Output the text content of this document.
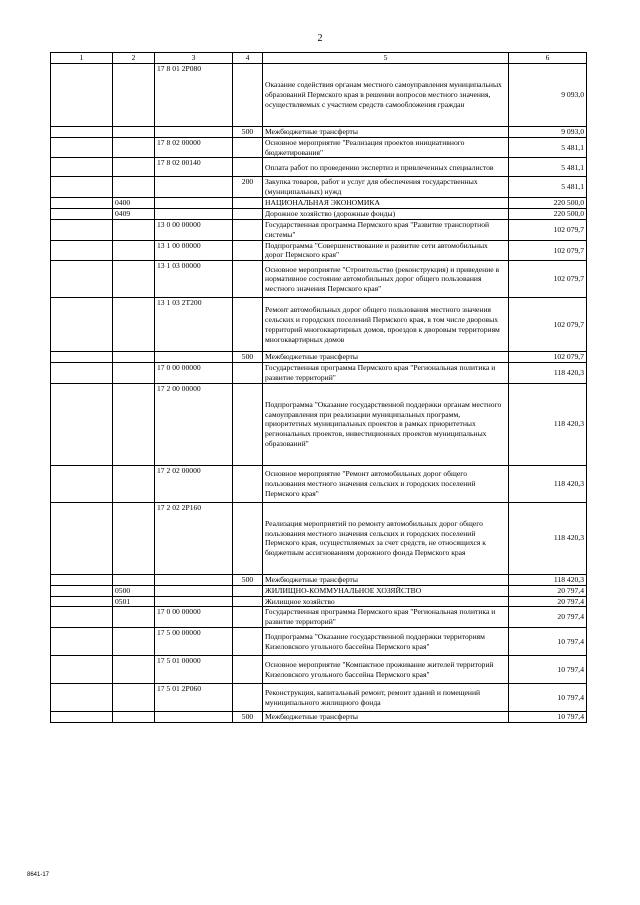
2
1	2	3	4	5	6
		17 8 01 2Р080		Оказание содействия органам местного самоуправления муниципальных образований Пермского края в решении вопросов местного значения, осуществляемых с участием средств самообложения граждан	9 093,0
			500	Межбюджетные трансферты	9 093,0
		17 8 02 00000		Основное мероприятие "Реализация проектов инициативного бюджетирования"	5 481,1
		17 8 02 00140		Оплата работ по проведению экспертиз и привлеченных специалистов	5 481,1
			200	Закупка товаров, работ и услуг для обеспечения государственных (муниципальных) нужд	5 481,1
	0400			НАЦИОНАЛЬНАЯ ЭКОНОМИКА	220 500,0
	0409			Дорожное хозяйство (дорожные фонды)	220 500,0
		13 0 00 00000		Государственная программа Пермского края "Развитие транспортной системы"	102 079,7
		13 1 00 00000		Подпрограмма "Совершенствование и развитие сети автомобильных дорог Пермского края"	102 079,7
		13 1 03 00000		Основное мероприятие "Строительство (реконструкция) и приведение в нормативное состояние автомобильных дорог общего пользования местного значения Пермского края"	102 079,7
		13 1 03 2Т200		Ремонт автомобильных дорог общего пользования местного значения сельских и городских поселений Пермского края, в том числе дворовых территорий многоквартирных домов, проездов к дворовым территориям многоквартирных домов	102 079,7
			500	Межбюджетные трансферты	102 079,7
		17 0 00 00000		Государственная программа Пермского края "Региональная политика и развитие территорий"	118 420,3
		17 2 00 00000		Подпрограмма "Оказание государственной поддержки органам местного самоуправления при реализации муниципальных программ, приоритетных муниципальных проектов в рамках приоритетных региональных проектов, инвестиционных проектов муниципальных образований"	118 420,3
		17 2 02 00000		Основное мероприятие "Ремонт автомобильных дорог общего пользования местного значения сельских и городских поселений Пермского края"	118 420,3
		17 2 02 2Р160		Реализация мероприятий по ремонту автомобильных дорог общего пользования местного значения сельских и городских поселений Пермского края, осуществляемых за счет средств, не относящихся к бюджетным ассигнованиям дорожного фонда Пермского края	118 420,3
			500	Межбюджетные трансферты	118 420,3
	0500			ЖИЛИЩНО-КОММУНАЛЬНОЕ ХОЗЯЙСТВО	20 797,4
	0501			Жилищное хозяйство	20 797,4
		17 0 00 00000		Государственная программа Пермского края "Региональная политика и развитие территорий"	20 797,4
		17 5 00 00000		Подпрограмма "Оказание государственной поддержки территориям Кизеловского угольного бассейна Пермского края"	10 797,4
		17 5 01 00000		Основное мероприятие "Компактное проживание жителей территорий Кизеловского угольного бассейна Пермского края"	10 797,4
		17 5 01 2Р060		Реконструкция, капитальный ремонт, ремонт зданий и помещений муниципального жилищного фонда	10 797,4
			500	Межбюджетные трансферты	10 797,4
8641-17
